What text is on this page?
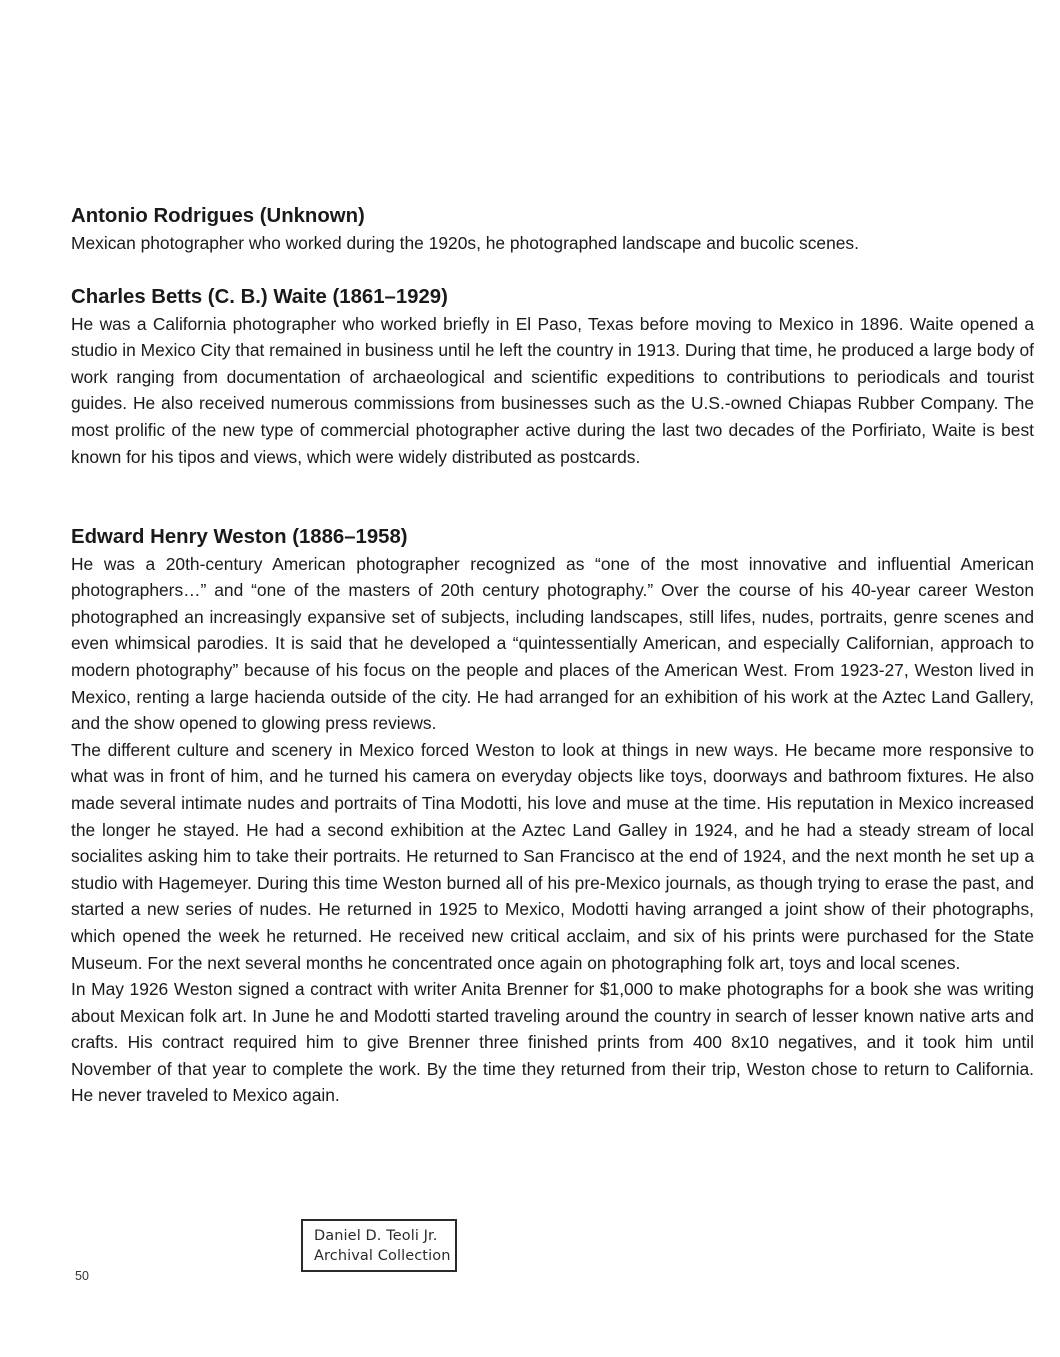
Antonio Rodrigues (Unknown)

Mexican photographer who worked during the 1920s, he photographed landscape and bucolic scenes.

Charles Betts (C. B.) Waite (1861–1929)

He was a California photographer who worked briefly in El Paso, Texas before moving to Mexico in 1896. Waite opened a studio in Mexico City that remained in business until he left the country in 1913. During that time, he produced a large body of work ranging from documentation of archaeological and scientific expeditions to contributions to periodicals and tourist guides. He also received numerous commissions from businesses such as the U.S.-owned Chiapas Rubber Company. The most prolific of the new type of commercial photographer active during the last two decades of the Porfiriato, Waite is best known for his tipos and views, which were widely distributed as postcards.

Edward Henry Weston (1886–1958)

He was a 20th-century American photographer recognized as “one of the most innovative and influential American photographers…” and “one of the masters of 20th century photography.” Over the course of his 40-year career Weston photographed an increasingly expansive set of subjects, including landscapes, still lifes, nudes, portraits, genre scenes and even whimsical parodies. It is said that he developed a “quintessentially American, and especially Californian, approach to modern photography” because of his focus on the people and places of the American West. From 1923-27, Weston lived in Mexico, renting a large hacienda outside of the city. He had arranged for an exhibition of his work at the Aztec Land Gallery, and the show opened to glowing press reviews.

The different culture and scenery in Mexico forced Weston to look at things in new ways. He became more responsive to what was in front of him, and he turned his camera on everyday objects like toys, doorways and bathroom fixtures. He also made several intimate nudes and portraits of Tina Modotti, his love and muse at the time. His reputation in Mexico increased the longer he stayed. He had a second exhibition at the Aztec Land Galley in 1924, and he had a steady stream of local socialites asking him to take their portraits. He returned to San Francisco at the end of 1924, and the next month he set up a studio with Hagemeyer. During this time Weston burned all of his pre-Mexico journals, as though trying to erase the past, and started a new series of nudes. He returned in 1925 to Mexico, Modotti having arranged a joint show of their photographs, which opened the week he returned. He received new critical acclaim, and six of his prints were purchased for the State Museum. For the next several months he concentrated once again on photographing folk art, toys and local scenes.

In May 1926 Weston signed a contract with writer Anita Brenner for $1,000 to make photographs for a book she was writing about Mexican folk art. In June he and Modotti started traveling around the country in search of lesser known native arts and crafts. His contract required him to give Brenner three finished prints from 400 8x10 negatives, and it took him until November of that year to complete the work. By the time they returned from their trip, Weston chose to return to California. He never traveled to Mexico again.

Daniel D. Teoli Jr.
Archival Collection
50
